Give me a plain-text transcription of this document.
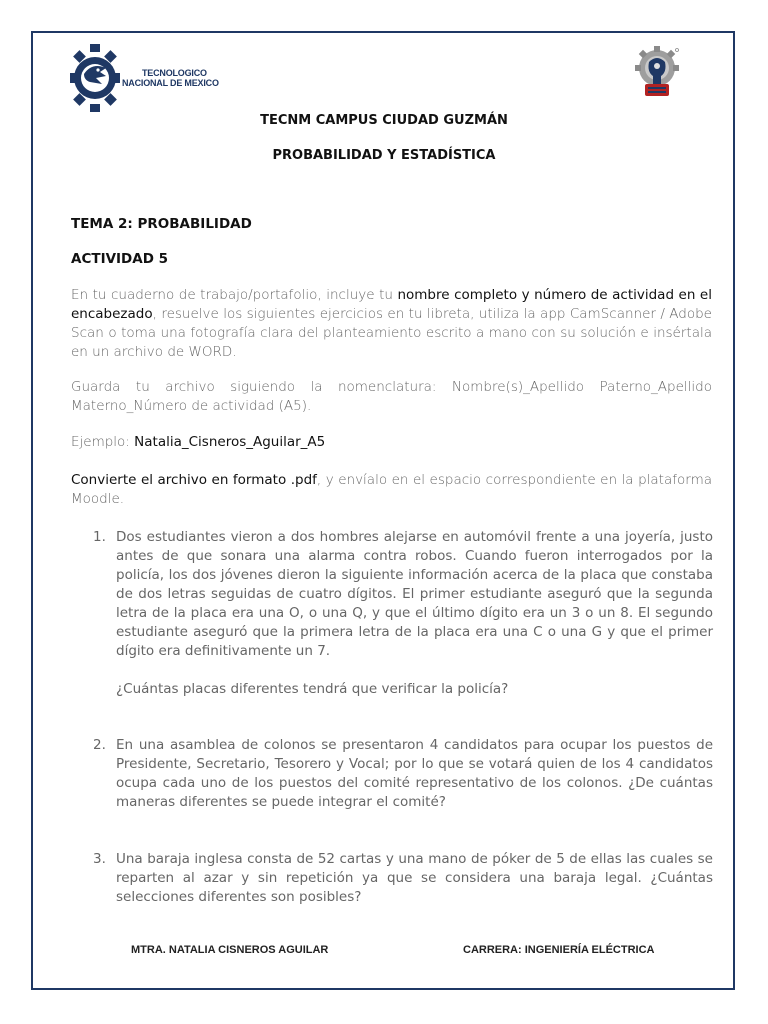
TECNOLOGICO
NACIONAL DE MEXICO
TECNM CAMPUS CIUDAD GUZMÁN
PROBABILIDAD Y ESTADÍSTICA
TEMA 2: PROBABILIDAD
ACTIVIDAD 5
En tu cuaderno de trabajo/portafolio, incluye tu nombre completo y número de actividad en el encabezado, resuelve los siguientes ejercicios en tu libreta, utiliza la app CamScanner / Adobe Scan o toma una fotografía clara del planteamiento escrito a mano con su solución e insértala en un archivo de WORD.
Guarda tu archivo siguiendo la nomenclatura: Nombre(s)_Apellido Paterno_Apellido Materno_Número de actividad (A5).
Ejemplo: Natalia_Cisneros_Aguilar_A5
Convierte el archivo en formato .pdf, y envíalo en el espacio correspondiente en la plataforma Moodle.
1. Dos estudiantes vieron a dos hombres alejarse en automóvil frente a una joyería, justo antes de que sonara una alarma contra robos. Cuando fueron interrogados por la policía, los dos jóvenes dieron la siguiente información acerca de la placa que constaba de dos letras seguidas de cuatro dígitos. El primer estudiante aseguró que la segunda letra de la placa era una O, o una Q, y que el último dígito era un 3 o un 8. El segundo estudiante aseguró que la primera letra de la placa era una C o una G y que el primer dígito era definitivamente un 7.
¿Cuántas placas diferentes tendrá que verificar la policía?
2. En una asamblea de colonos se presentaron 4 candidatos para ocupar los puestos de Presidente, Secretario, Tesorero y Vocal; por lo que se votará quien de los 4 candidatos ocupa cada uno de los puestos del comité representativo de los colonos. ¿De cuántas maneras diferentes se puede integrar el comité?
3. Una baraja inglesa consta de 52 cartas y una mano de póker de 5 de ellas las cuales se reparten al azar y sin repetición ya que se considera una baraja legal. ¿Cuántas selecciones diferentes son posibles?
MTRA. NATALIA CISNEROS AGUILAR	CARRERA: INGENIERÍA ELÉCTRICA
